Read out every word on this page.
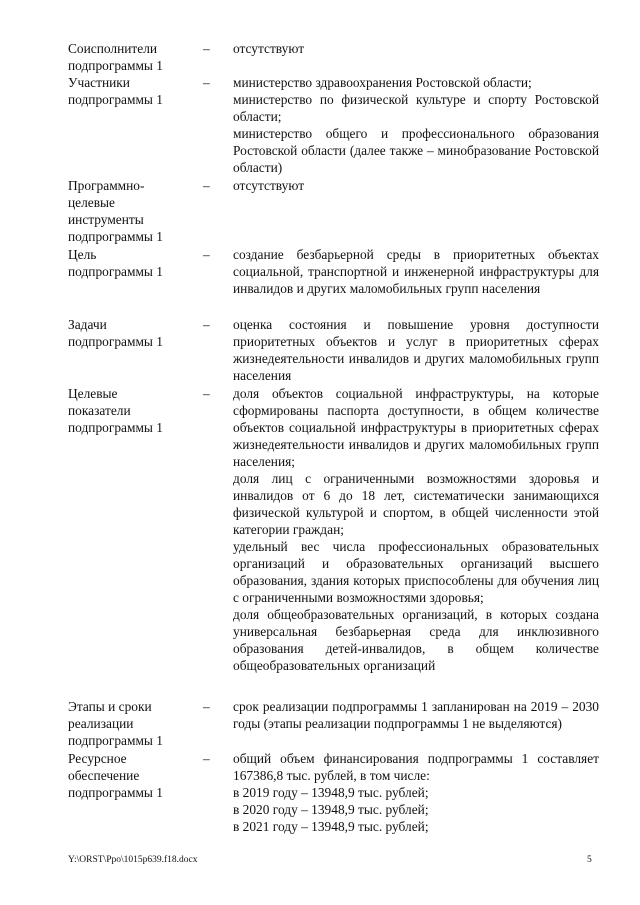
Соисполнители
подпрограммы 1
–	отсутствуют

Участники
подпрограммы 1
–	министерство здравоохранения Ростовской области;

министерство по физической культуре и спорту Ростовской области;

министерство общего и профессионального образования Ростовской области (далее также – минобразование Ростовской области)

Программно-
целевые
инструменты
подпрограммы 1
–	отсутствуют

Цель
подпрограммы 1
–	создание безбарьерной среды в приоритетных объектах социальной, транспортной и инженерной инфраструктуры для инвалидов и других маломобильных групп населения

Задачи
подпрограммы 1
–	оценка состояния и повышение уровня доступности приоритетных объектов и услуг в приоритетных сферах жизнедеятельности инвалидов и других маломобильных групп населения

Целевые
показатели
подпрограммы 1
–	доля объектов социальной инфраструктуры, на которые сформированы паспорта доступности, в общем количестве объектов социальной инфраструктуры в приоритетных сферах жизнедеятельности инвалидов и других маломобильных групп населения;

доля лиц с ограниченными возможностями здоровья и инвалидов от 6 до 18 лет, систематически занимающихся физической культурой и спортом, в общей численности этой категории граждан;

удельный вес числа профессиональных образовательных организаций и образовательных организаций высшего образования, здания которых приспособлены для обучения лиц с ограниченными возможностями здоровья;

доля общеобразовательных организаций, в которых создана универсальная безбарьерная среда для инклюзивного образования детей-инвалидов, в общем количестве общеобразовательных организаций

Этапы и сроки
реализации
подпрограммы 1
–	срок реализации подпрограммы 1 запланирован на 2019 – 2030 годы (этапы реализации подпрограммы 1 не выделяются)

Ресурсное
обеспечение
подпрограммы 1
–	общий объем финансирования подпрограммы 1 составляет 167386,8 тыс. рублей, в том числе:

в 2019 году – 13948,9 тыс. рублей;

в 2020 году – 13948,9 тыс. рублей;

в 2021 году – 13948,9 тыс. рублей;

Y:\ORST\Ppo\1015p639.f18.docx	5
